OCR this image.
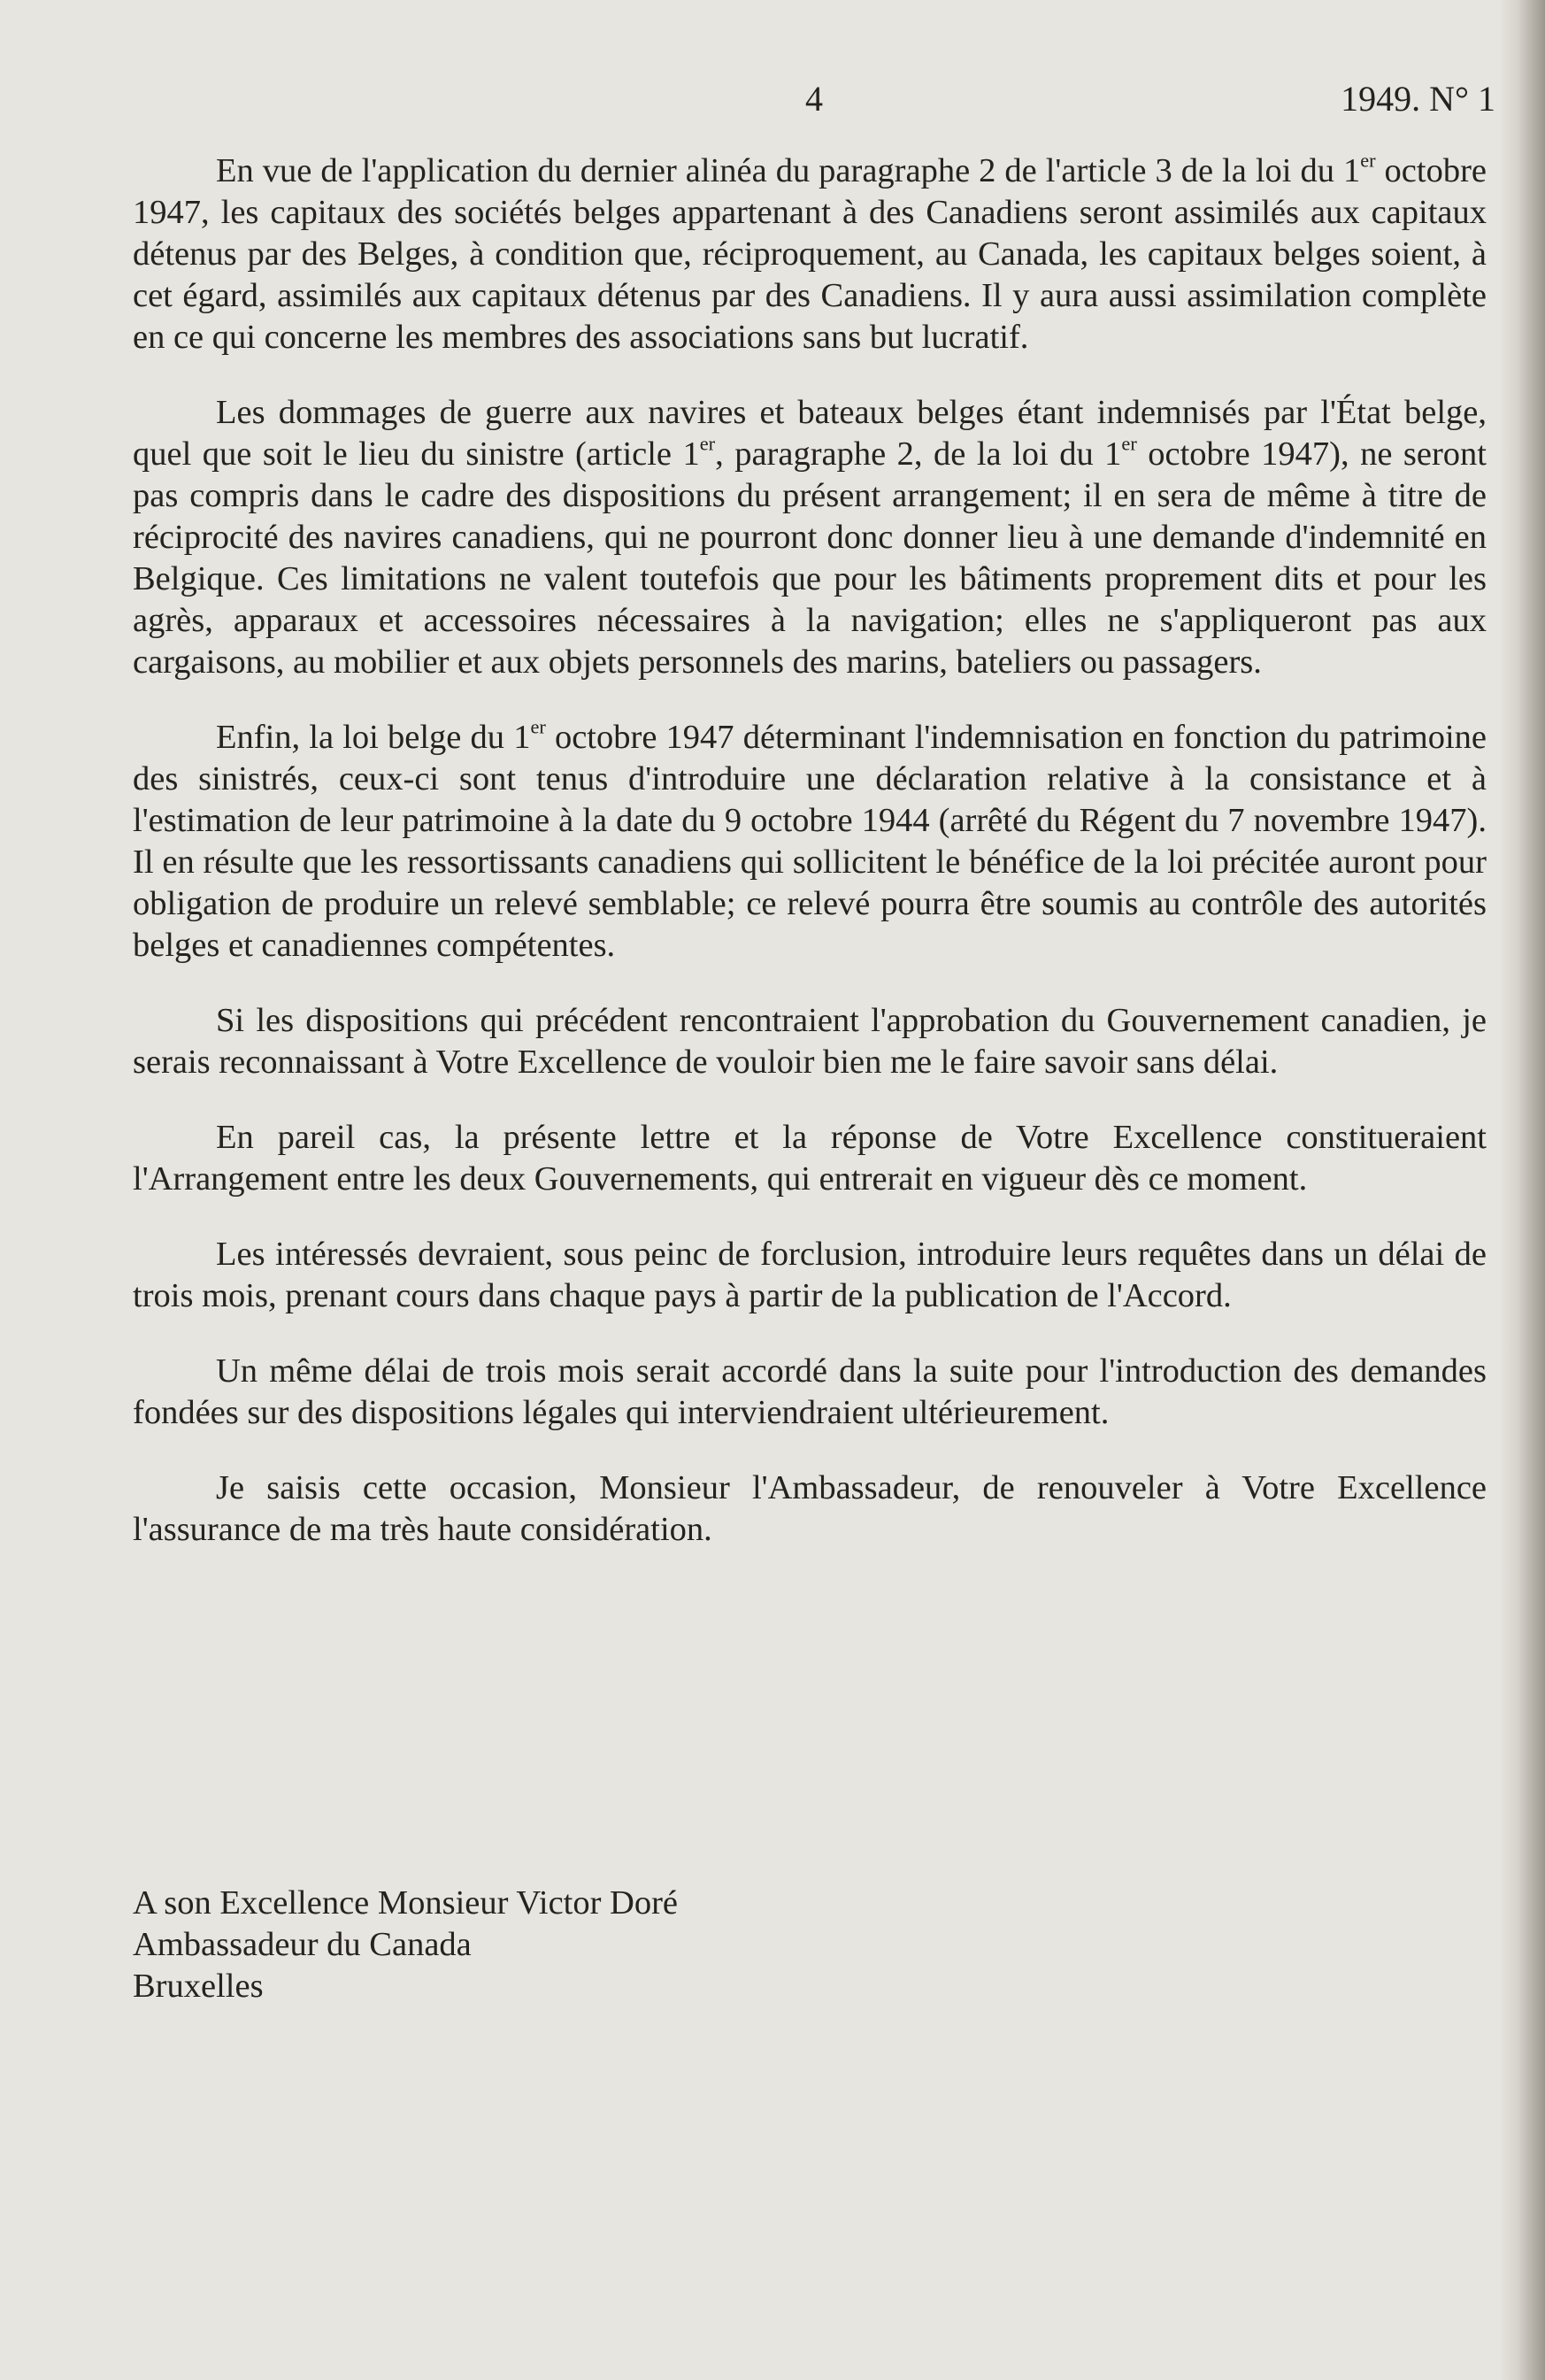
4	1949. N° 1

En vue de l'application du dernier alinéa du paragraphe 2 de l'article 3 de la loi du 1er octobre 1947, les capitaux des sociétés belges appartenant à des Canadiens seront assimilés aux capitaux détenus par des Belges, à condition que, réciproquement, au Canada, les capitaux belges soient, à cet égard, assimilés aux capitaux détenus par des Canadiens. Il y aura aussi assimilation complète en ce qui concerne les membres des associations sans but lucratif.

Les dommages de guerre aux navires et bateaux belges étant indemnisés par l'État belge, quel que soit le lieu du sinistre (article 1er, paragraphe 2, de la loi du 1er octobre 1947), ne seront pas compris dans le cadre des dispositions du présent arrangement; il en sera de même à titre de réciprocité des navires canadiens, qui ne pourront donc donner lieu à une demande d'indemnité en Belgique. Ces limitations ne valent toutefois que pour les bâtiments proprement dits et pour les agrès, apparaux et accessoires nécessaires à la navigation; elles ne s'appliqueront pas aux cargaisons, au mobilier et aux objets personnels des marins, bateliers ou passagers.

Enfin, la loi belge du 1er octobre 1947 déterminant l'indemnisation en fonction du patrimoine des sinistrés, ceux-ci sont tenus d'introduire une déclaration relative à la consistance et à l'estimation de leur patrimoine à la date du 9 octobre 1944 (arrêté du Régent du 7 novembre 1947). Il en résulte que les ressortissants canadiens qui sollicitent le bénéfice de la loi précitée auront pour obligation de produire un relevé semblable; ce relevé pourra être soumis au contrôle des autorités belges et canadiennes compétentes.

Si les dispositions qui précédent rencontraient l'approbation du Gouvernement canadien, je serais reconnaissant à Votre Excellence de vouloir bien me le faire savoir sans délai.

En pareil cas, la présente lettre et la réponse de Votre Excellence constitueraient l'Arrangement entre les deux Gouvernements, qui entrerait en vigueur dès ce moment.

Les intéressés devraient, sous peinc de forclusion, introduire leurs requêtes dans un délai de trois mois, prenant cours dans chaque pays à partir de la publication de l'Accord.

Un même délai de trois mois serait accordé dans la suite pour l'introduction des demandes fondées sur des dispositions légales qui interviendraient ultérieurement.

Je saisis cette occasion, Monsieur l'Ambassadeur, de renouveler à Votre Excellence l'assurance de ma très haute considération.

A son Excellence Monsieur Victor Doré
Ambassadeur du Canada
Bruxelles
